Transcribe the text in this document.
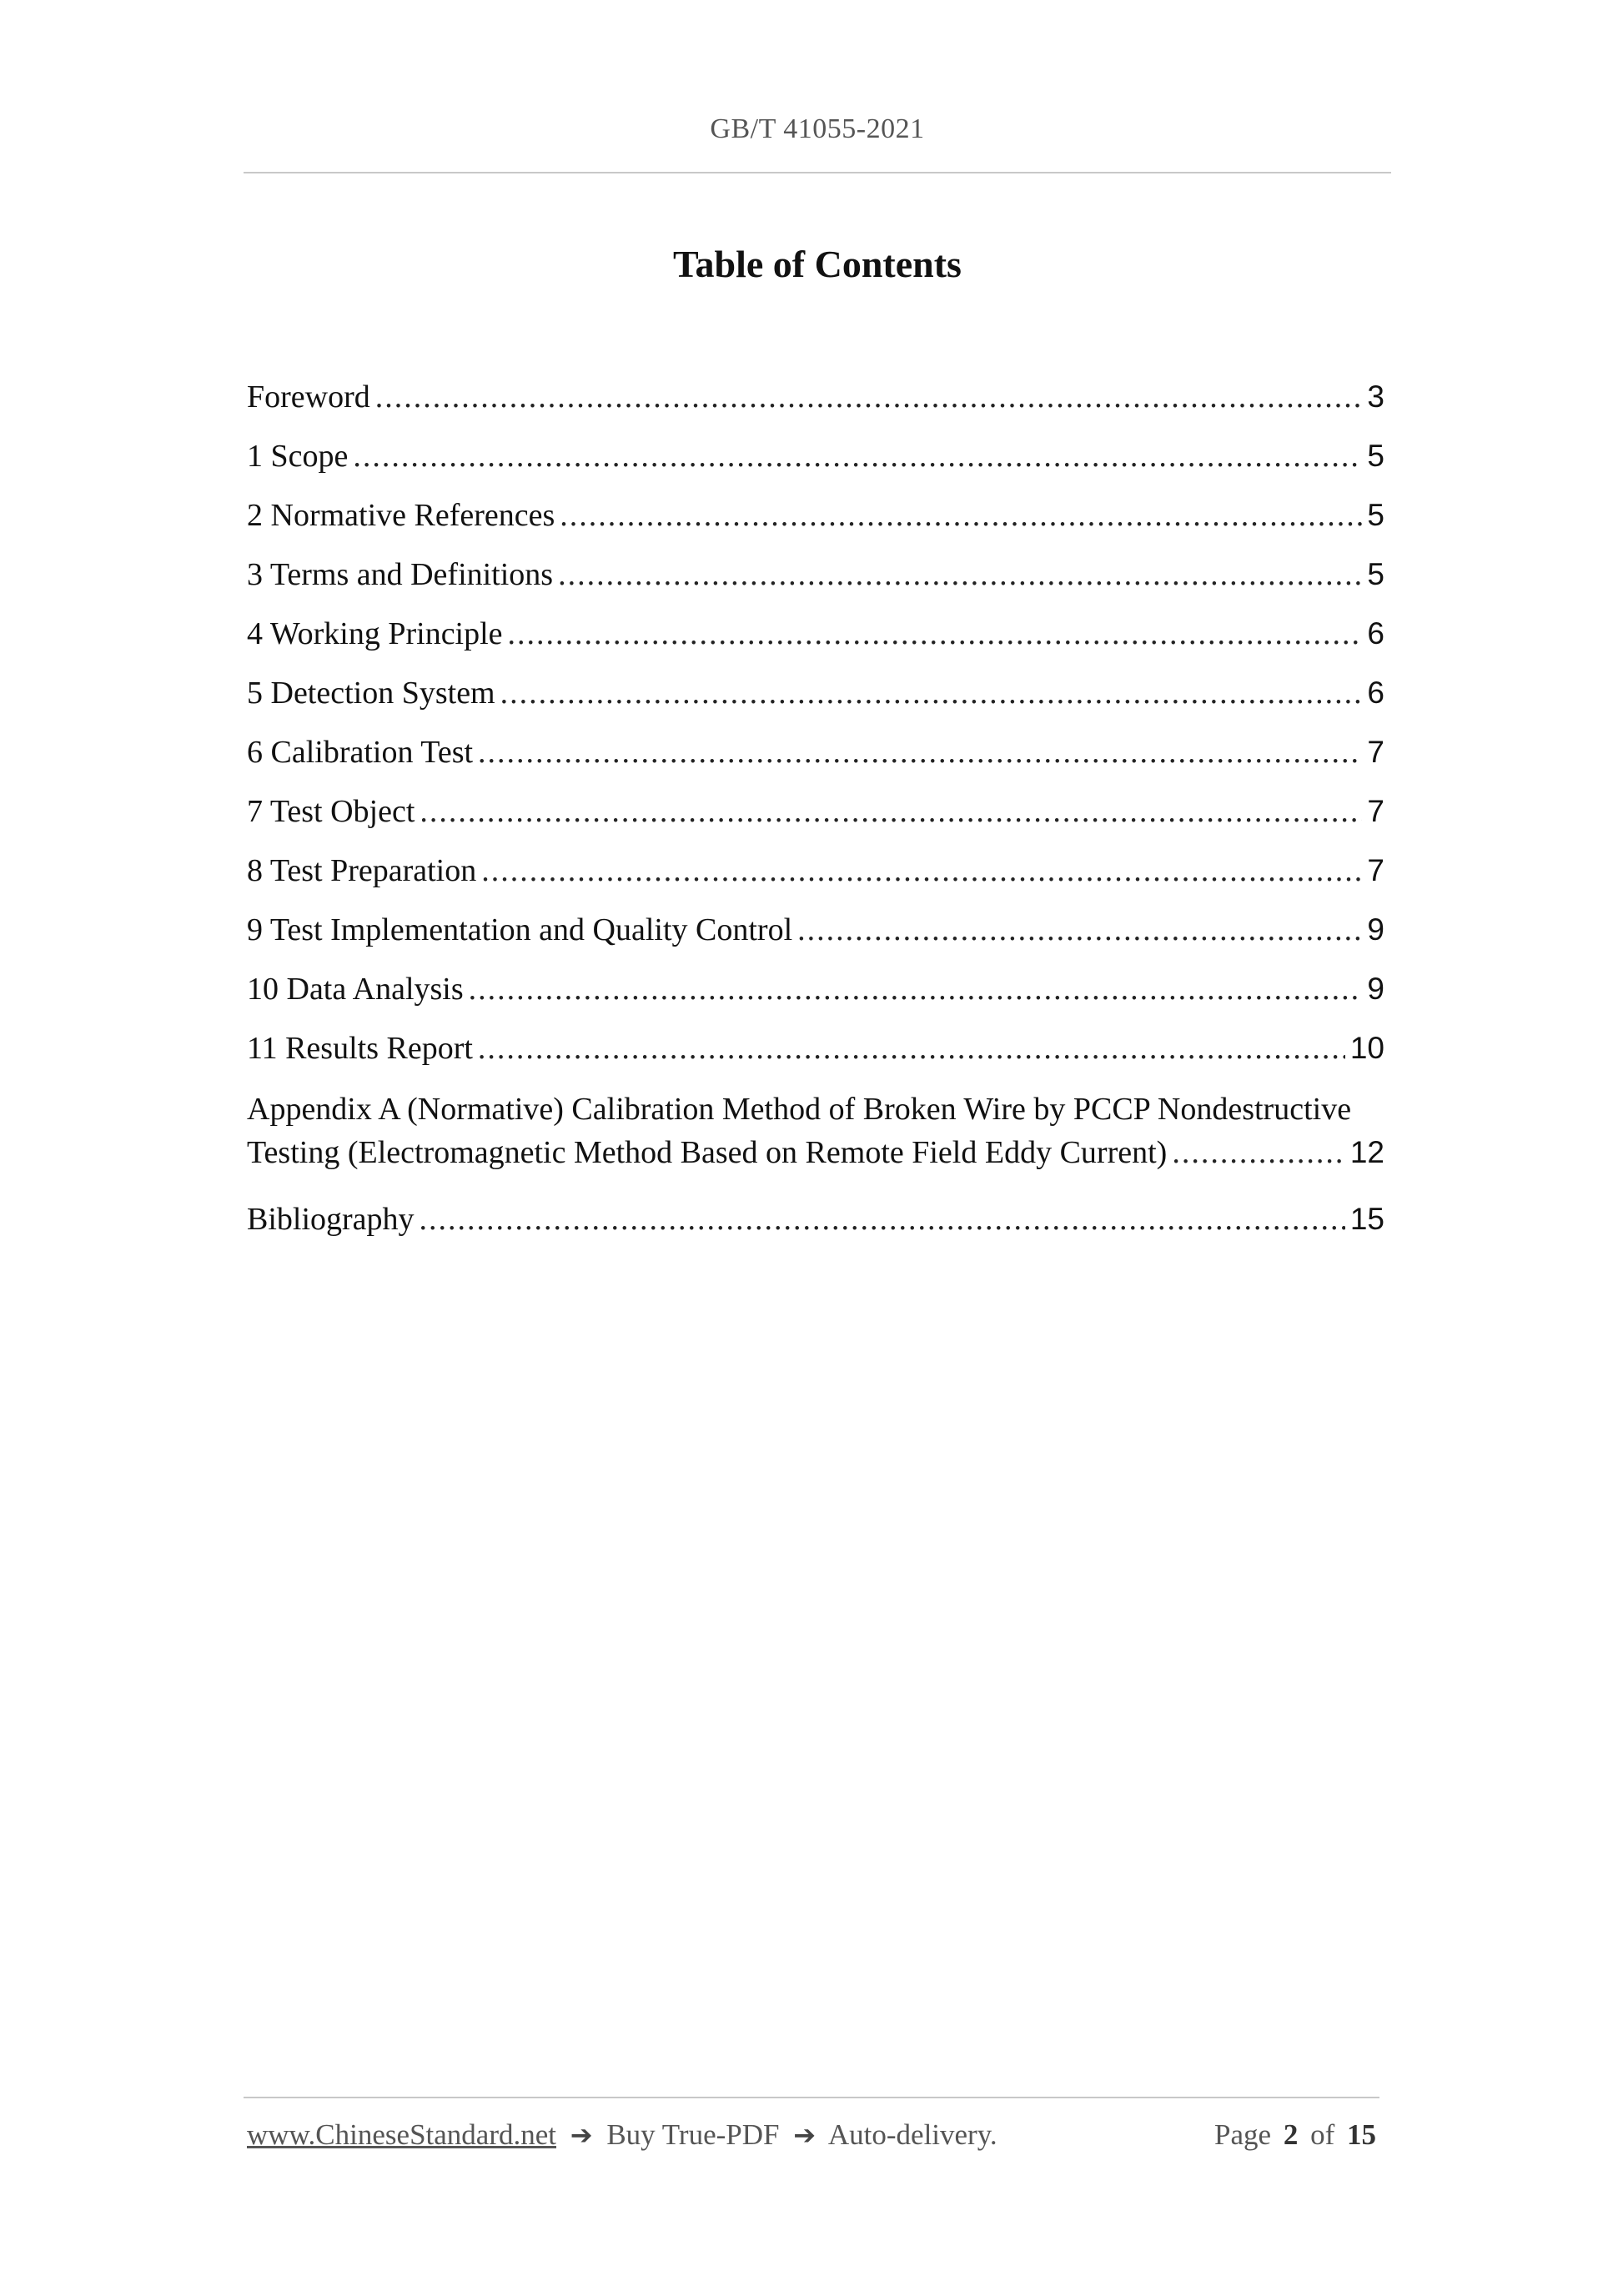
GB/T 41055-2021
Table of Contents
Foreword .....	3
1 Scope .....	5
2 Normative References .....	5
3 Terms and Definitions .....	5
4 Working Principle .....	6
5 Detection System .....	6
6 Calibration Test .....	7
7 Test Object .....	7
8 Test Preparation .....	7
9 Test Implementation and Quality Control .....	9
10 Data Analysis .....	9
11 Results Report .....	10
Appendix A (Normative) Calibration Method of Broken Wire by PCCP Nondestructive
Testing (Electromagnetic Method Based on Remote Field Eddy Current) .....	12
Bibliography .....	15
www.ChineseStandard.net ➔ Buy True-PDF ➔ Auto-delivery.	Page 2 of 15
